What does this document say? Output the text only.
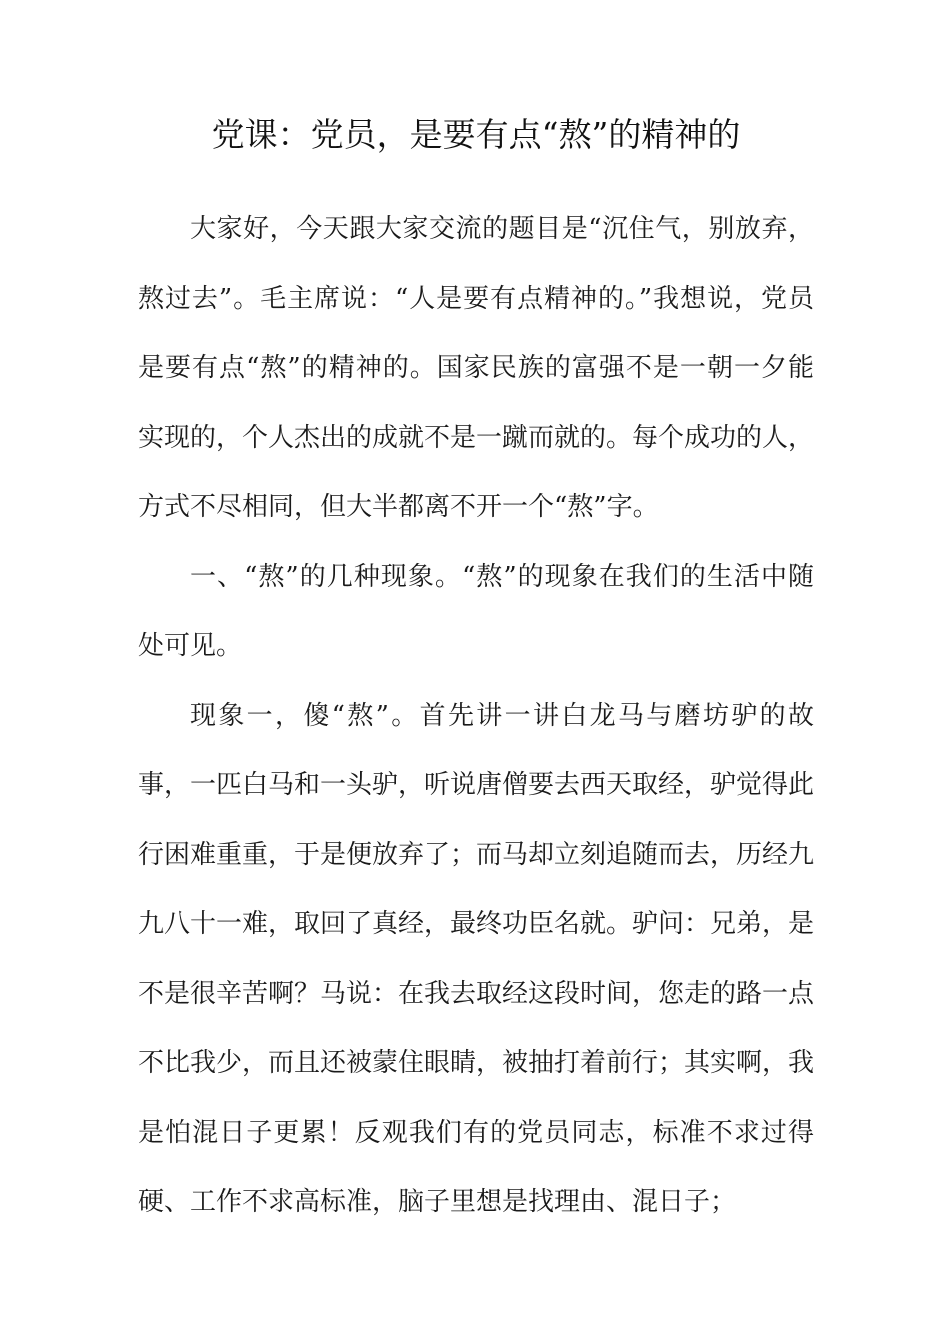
党课：党员，是要有点“熬”的精神的

大家好，今天跟大家交流的题目是“沉住气，别放弃，熬过去”。毛主席说：“人是要有点精神的。”我想说，党员是要有点“熬”的精神的。国家民族的富强不是一朝一夕能实现的，个人杰出的成就不是一蹴而就的。每个成功的人，方式不尽相同，但大半都离不开一个“熬”字。

一、“熬”的几种现象。“熬”的现象在我们的生活中随处可见。

现象一，傻“熬”。首先讲一讲白龙马与磨坊驴的故事，一匹白马和一头驴，听说唐僧要去西天取经，驴觉得此行困难重重，于是便放弃了；而马却立刻追随而去，历经九九八十一难，取回了真经，最终功臣名就。驴问：兄弟，是不是很辛苦啊？马说：在我去取经这段时间，您走的路一点不比我少，而且还被蒙住眼睛，被抽打着前行；其实啊，我是怕混日子更累！反观我们有的党员同志，标准不求过得硬、工作不求高标准，脑子里想是找理由、混日子；
